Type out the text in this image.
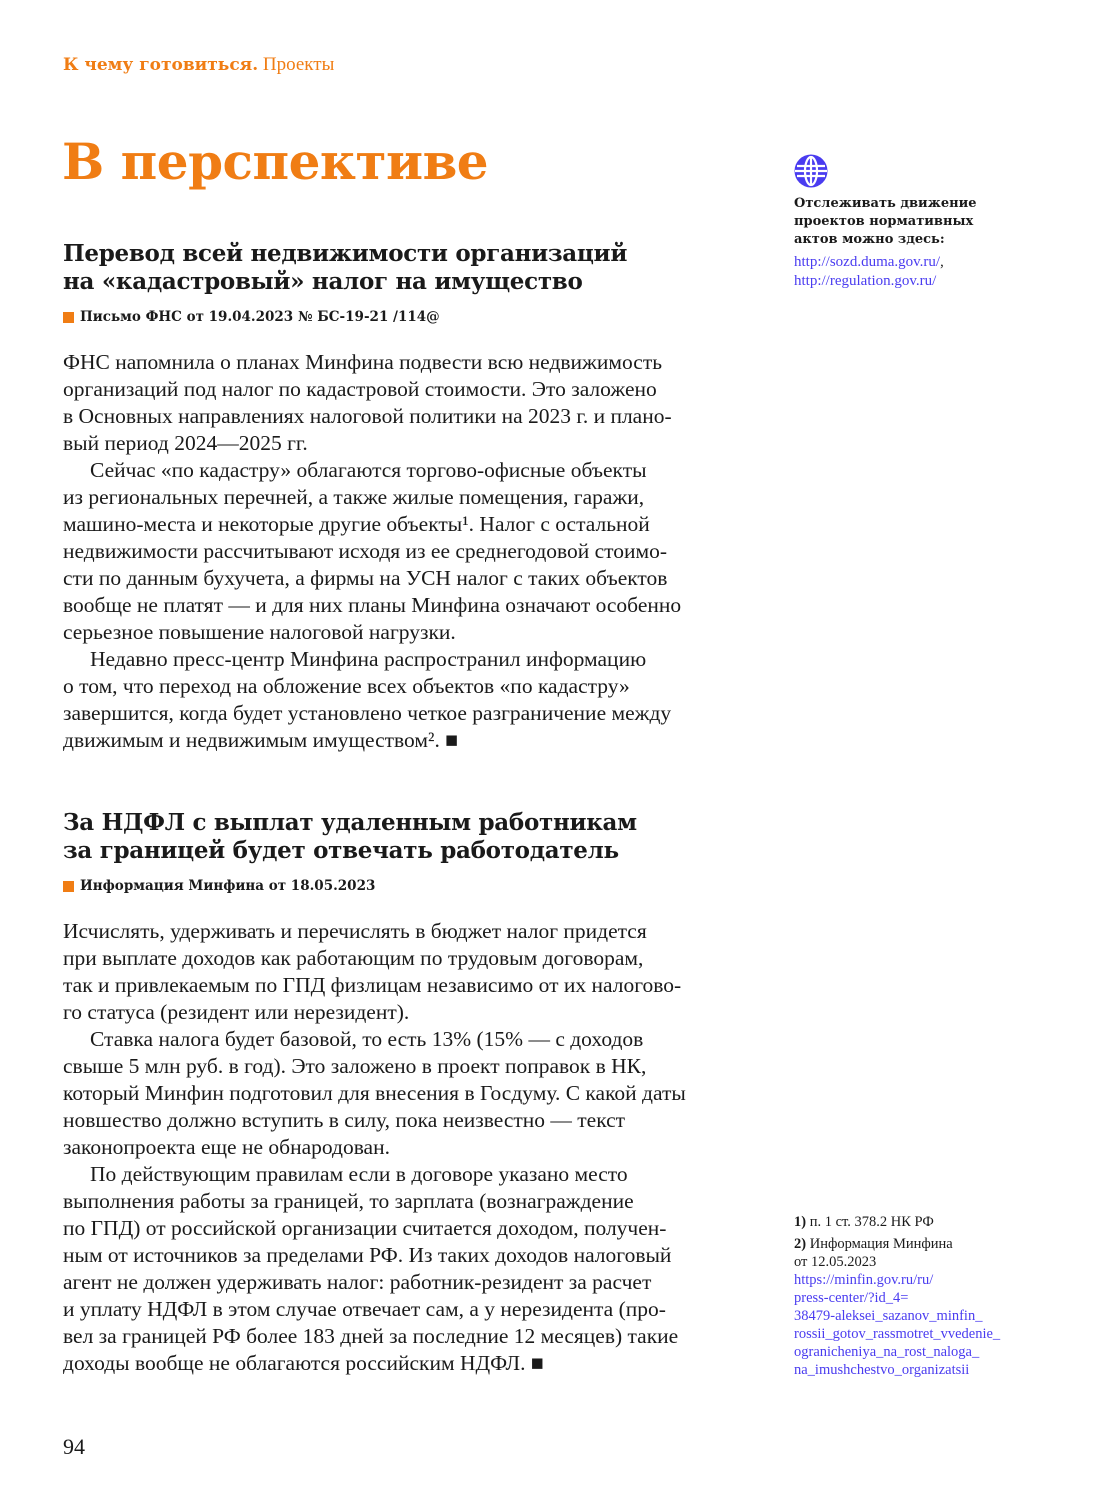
К чему готовиться. Проекты
В перспективе
Перевод всей недвижимости организаций
на «кадастровый» налог на имущество
Письмо ФНС от 19.04.2023 № БС-19-21 /114@
ФНС напомнила о планах Минфина подвести всю недвижимость
организаций под налог по кадастровой стоимости. Это заложено
в Основных направлениях налоговой политики на 2023 г. и плано-
вый период 2024—2025 гг.
Сейчас «по кадастру» облагаются торгово-офисные объекты
из региональных перечней, а также жилые помещения, гаражи,
машино-места и некоторые другие объекты¹. Налог с остальной
недвижимости рассчитывают исходя из ее среднегодовой стоимо-
сти по данным бухучета, а фирмы на УСН налог с таких объектов
вообще не платят — и для них планы Минфина означают особенно
серьезное повышение налоговой нагрузки.
Недавно пресс-центр Минфина распространил информацию
о том, что переход на обложение всех объектов «по кадастру»
завершится, когда будет установлено четкое разграничение между
движимым и недвижимым имуществом². ■
За НДФЛ с выплат удаленным работникам
за границей будет отвечать работодатель
Информация Минфина от 18.05.2023
Исчислять, удерживать и перечислять в бюджет налог придется
при выплате доходов как работающим по трудовым договорам,
так и привлекаемым по ГПД физлицам независимо от их налогово-
го статуса (резидент или нерезидент).
Ставка налога будет базовой, то есть 13% (15% — с доходов
свыше 5 млн руб. в год). Это заложено в проект поправок в НК,
который Минфин подготовил для внесения в Госдуму. С какой даты
новшество должно вступить в силу, пока неизвестно — текст
законопроекта еще не обнародован.
По действующим правилам если в договоре указано место
выполнения работы за границей, то зарплата (вознаграждение
по ГПД) от российской организации считается доходом, получен-
ным от источников за пределами РФ. Из таких доходов налоговый
агент не должен удерживать налог: работник-резидент за расчет
и уплату НДФЛ в этом случае отвечает сам, а у нерезидента (про-
вел за границей РФ более 183 дней за последние 12 месяцев) такие
доходы вообще не облагаются российским НДФЛ. ■
Отслеживать движение
проектов нормативных
актов можно здесь:
http://sozd.duma.gov.ru/,
http://regulation.gov.ru/
1) п. 1 ст. 378.2 НК РФ
2) Информация Минфина
от 12.05.2023
https://minfin.gov.ru/ru/
press-center/?id_4=
38479-aleksei_sazanov_minfin_
rossii_gotov_rassmotret_vvedenie_
ogranicheniya_na_rost_naloga_
na_imushchestvo_organizatsii
94
